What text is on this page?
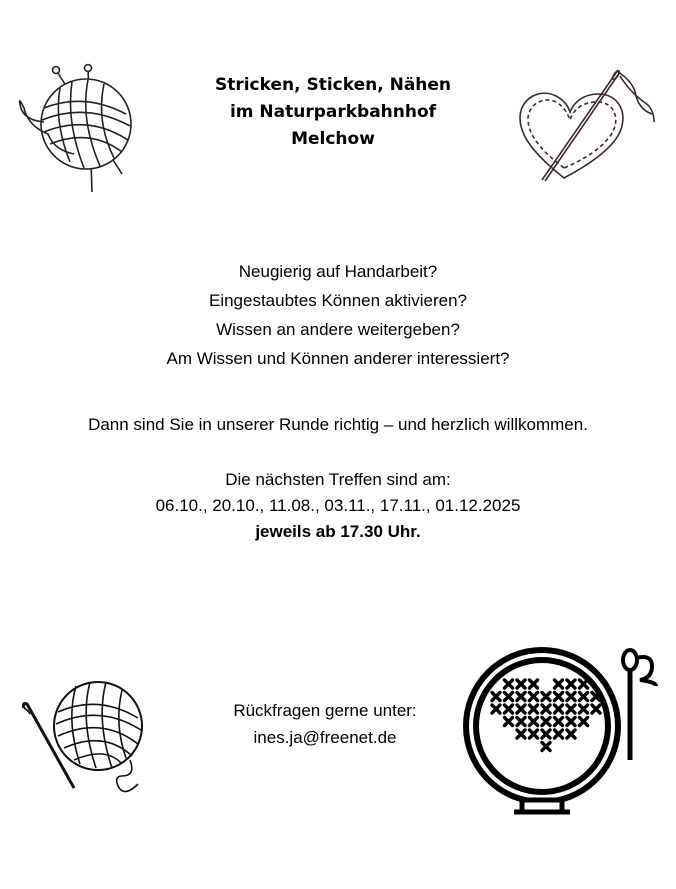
Stricken, Sticken, Nähen
im Naturparkbahnhof
Melchow
Neugierig auf Handarbeit?
Eingestaubtes Können aktivieren?
Wissen an andere weitergeben?
Am Wissen und Können anderer interessiert?
Dann sind Sie in unserer Runde richtig – und herzlich willkommen.
Die nächsten Treffen sind am:
06.10., 20.10., 11.08., 03.11., 17.11., 01.12.2025
jeweils ab 17.30 Uhr.
Rückfragen gerne unter:
ines.ja@freenet.de
